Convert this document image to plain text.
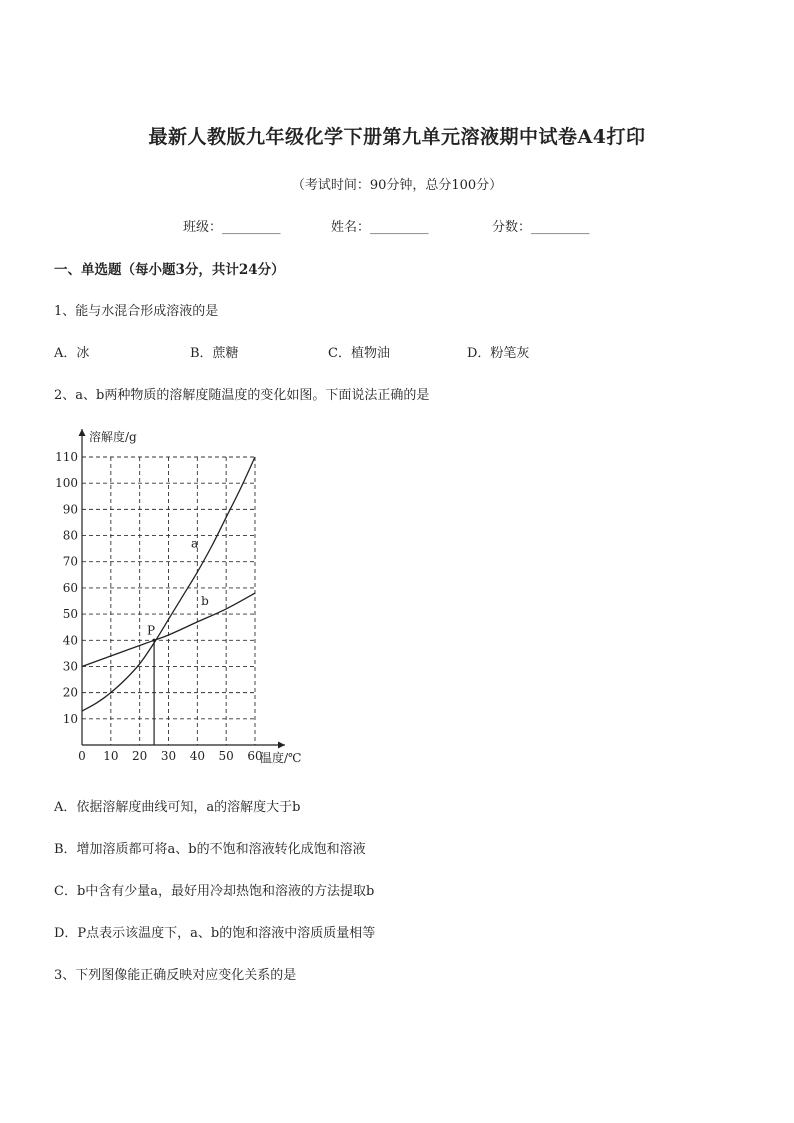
最新人教版九年级化学下册第九单元溶液期中试卷A4打印
（考试时间：90分钟，总分100分）
班级：_________	姓名：_________	分数：_________
一、单选题（每小题3分，共计24分）
1、能与水混合形成溶液的是
A．冰	B．蔗糖	C．植物油	D．粉笔灰
2、a、b两种物质的溶解度随温度的变化如图。下面说法正确的是
10
20
30
40
50
60
70
80
90
100
110
0 10 20 30 40 50 60
溶解度/g
温度/℃
a
b
P
A．依据溶解度曲线可知，a的溶解度大于b
B．增加溶质都可将a、b的不饱和溶液转化成饱和溶液
C．b中含有少量a，最好用冷却热饱和溶液的方法提取b
D．P点表示该温度下，a、b的饱和溶液中溶质质量相等
3、下列图像能正确反映对应变化关系的是
